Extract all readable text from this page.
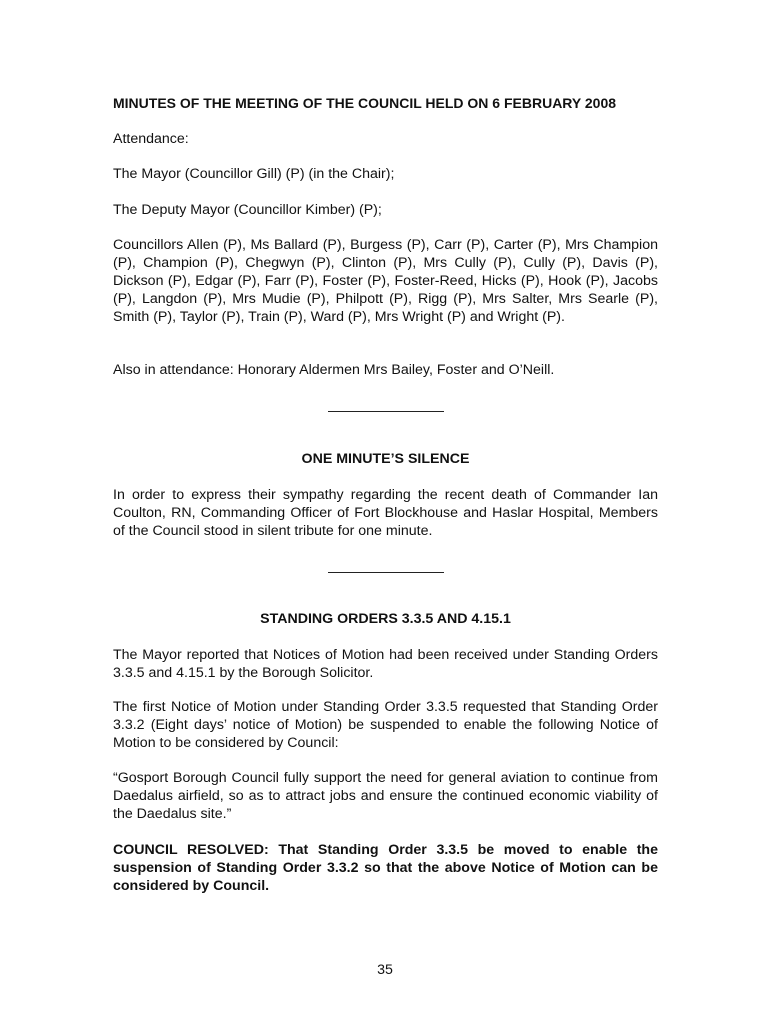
MINUTES OF THE MEETING OF THE COUNCIL HELD ON 6 FEBRUARY 2008

Attendance:

The Mayor (Councillor Gill) (P) (in the Chair);

The Deputy Mayor (Councillor Kimber) (P);

Councillors Allen (P), Ms Ballard (P), Burgess (P), Carr (P), Carter (P), Mrs Champion (P), Champion (P), Chegwyn (P), Clinton (P), Mrs Cully (P), Cully (P), Davis (P), Dickson (P), Edgar (P), Farr (P), Foster (P), Foster-Reed, Hicks (P), Hook (P), Jacobs (P), Langdon (P), Mrs Mudie (P), Philpott (P), Rigg (P), Mrs Salter, Mrs Searle (P), Smith (P), Taylor (P), Train (P), Ward (P), Mrs Wright (P) and Wright (P).

Also in attendance: Honorary Aldermen Mrs Bailey, Foster and O’Neill.

ONE MINUTE’S SILENCE

In order to express their sympathy regarding the recent death of Commander Ian Coulton, RN, Commanding Officer of Fort Blockhouse and Haslar Hospital, Members of the Council stood in silent tribute for one minute.

STANDING ORDERS 3.3.5 AND 4.15.1

The Mayor reported that Notices of Motion had been received under Standing Orders 3.3.5 and 4.15.1 by the Borough Solicitor.

The first Notice of Motion under Standing Order 3.3.5 requested that Standing Order 3.3.2 (Eight days’ notice of Motion) be suspended to enable the following Notice of Motion to be considered by Council:

“Gosport Borough Council fully support the need for general aviation to continue from Daedalus airfield, so as to attract jobs and ensure the continued economic viability of the Daedalus site.”

COUNCIL RESOLVED: That Standing Order 3.3.5 be moved to enable the suspension of Standing Order 3.3.2 so that the above Notice of Motion can be considered by Council.

35
